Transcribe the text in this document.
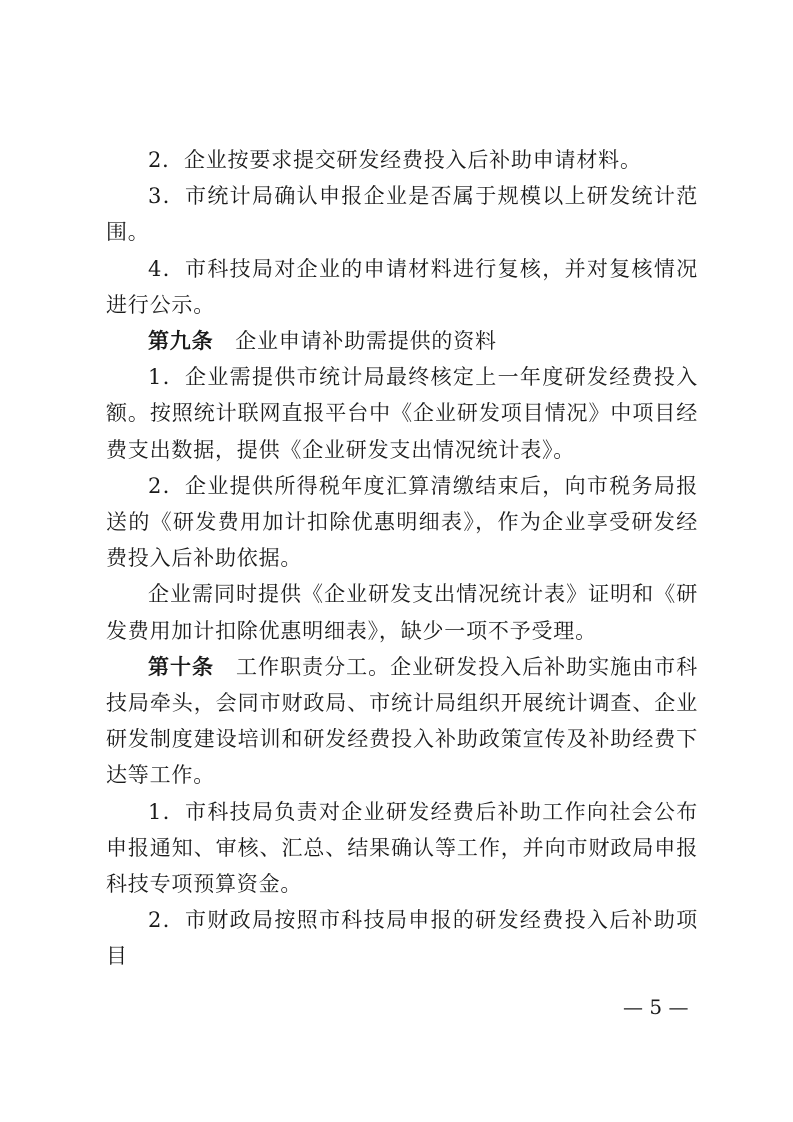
2．企业按要求提交研发经费投入后补助申请材料。

3．市统计局确认申报企业是否属于规模以上研发统计范围。

4．市科技局对企业的申请材料进行复核，并对复核情况进行公示。

第九条  企业申请补助需提供的资料

1．企业需提供市统计局最终核定上一年度研发经费投入额。按照统计联网直报平台中《企业研发项目情况》中项目经费支出数据，提供《企业研发支出情况统计表》。

2．企业提供所得税年度汇算清缴结束后，向市税务局报送的《研发费用加计扣除优惠明细表》，作为企业享受研发经费投入后补助依据。

企业需同时提供《企业研发支出情况统计表》证明和《研发费用加计扣除优惠明细表》，缺少一项不予受理。

第十条  工作职责分工。企业研发投入后补助实施由市科技局牵头，会同市财政局、市统计局组织开展统计调查、企业研发制度建设培训和研发经费投入补助政策宣传及补助经费下达等工作。

1．市科技局负责对企业研发经费后补助工作向社会公布申报通知、审核、汇总、结果确认等工作，并向市财政局申报科技专项预算资金。

2．市财政局按照市科技局申报的研发经费投入后补助项目

— 5 —
